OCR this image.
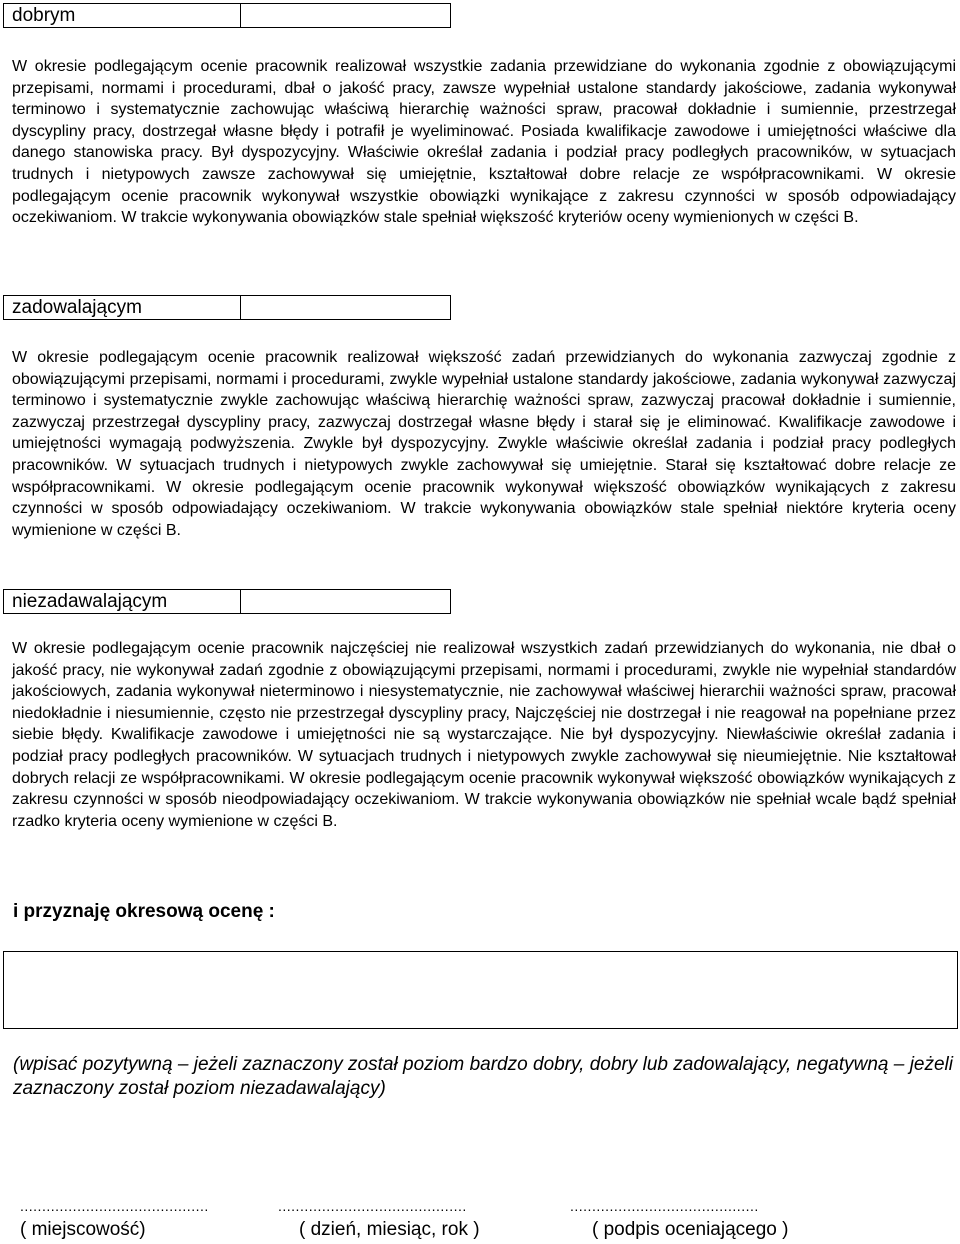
dobrym

W okresie podlegającym ocenie pracownik realizował wszystkie zadania przewidziane do wykonania zgodnie z obowiązującymi przepisami, normami i procedurami, dbał o jakość pracy, zawsze wypełniał ustalone standardy jakościowe, zadania wykonywał terminowo i systematycznie zachowując właściwą hierarchię ważności spraw, pracował dokładnie i sumiennie, przestrzegał dyscypliny pracy, dostrzegał własne błędy i potrafił je wyeliminować. Posiada kwalifikacje zawodowe i umiejętności właściwe dla danego stanowiska pracy. Był dyspozycyjny. Właściwie określał zadania i podział pracy podległych pracowników, w sytuacjach trudnych i nietypowych zawsze zachowywał się umiejętnie, kształtował dobre relacje ze współpracownikami. W okresie podlegającym ocenie pracownik wykonywał wszystkie obowiązki wynikające z zakresu czynności w sposób odpowiadający oczekiwaniom. W trakcie wykonywania obowiązków stale spełniał większość kryteriów oceny wymienionych w części B.

zadowalającym

W okresie podlegającym ocenie pracownik realizował większość zadań przewidzianych do wykonania zazwyczaj zgodnie z obowiązującymi przepisami, normami i procedurami, zwykle wypełniał ustalone standardy jakościowe, zadania wykonywał zazwyczaj terminowo i systematycznie zwykle zachowując właściwą hierarchię ważności spraw, zazwyczaj pracował dokładnie i sumiennie, zazwyczaj przestrzegał dyscypliny pracy, zazwyczaj dostrzegał własne błędy i starał się je eliminować. Kwalifikacje zawodowe i umiejętności wymagają podwyższenia. Zwykle był dyspozycyjny. Zwykle właściwie określał zadania i podział pracy podległych pracowników. W sytuacjach trudnych i nietypowych zwykle zachowywał się umiejętnie. Starał się kształtować dobre relacje ze współpracownikami. W okresie podlegającym ocenie pracownik wykonywał większość obowiązków wynikających z zakresu czynności w sposób odpowiadający oczekiwaniom. W trakcie wykonywania obowiązków stale spełniał niektóre kryteria oceny wymienione w części B.

niezadawalającym

W okresie podlegającym ocenie pracownik najczęściej nie realizował wszystkich zadań przewidzianych do wykonania, nie dbał o jakość pracy, nie wykonywał zadań zgodnie z obowiązującymi przepisami, normami i procedurami, zwykle nie wypełniał standardów jakościowych, zadania wykonywał nieterminowo i niesystematycznie, nie zachowywał właściwej hierarchii ważności spraw, pracował niedokładnie i niesumiennie, często nie przestrzegał dyscypliny pracy, Najczęściej nie dostrzegał i nie reagował na popełniane przez siebie błędy. Kwalifikacje zawodowe i umiejętności nie są wystarczające. Nie był dyspozycyjny. Niewłaściwie określał zadania i podział pracy podległych pracowników. W sytuacjach trudnych i nietypowych zwykle zachowywał się nieumiejętnie. Nie kształtował dobrych relacji ze współpracownikami. W okresie podlegającym ocenie pracownik wykonywał większość obowiązków wynikających z zakresu czynności w sposób nieodpowiadający oczekiwaniom. W trakcie wykonywania obowiązków nie spełniał wcale bądź spełniał rzadko kryteria oceny wymienione w części B.

i przyznaję okresową ocenę :

(wpisać pozytywną – jeżeli zaznaczony został poziom bardzo dobry, dobry lub zadowalający, negatywną – jeżeli zaznaczony został poziom niezadawalający)

...........................................	...........................................	...........................................
( miejscowość)	( dzień, miesiąc, rok )	( podpis oceniającego )
